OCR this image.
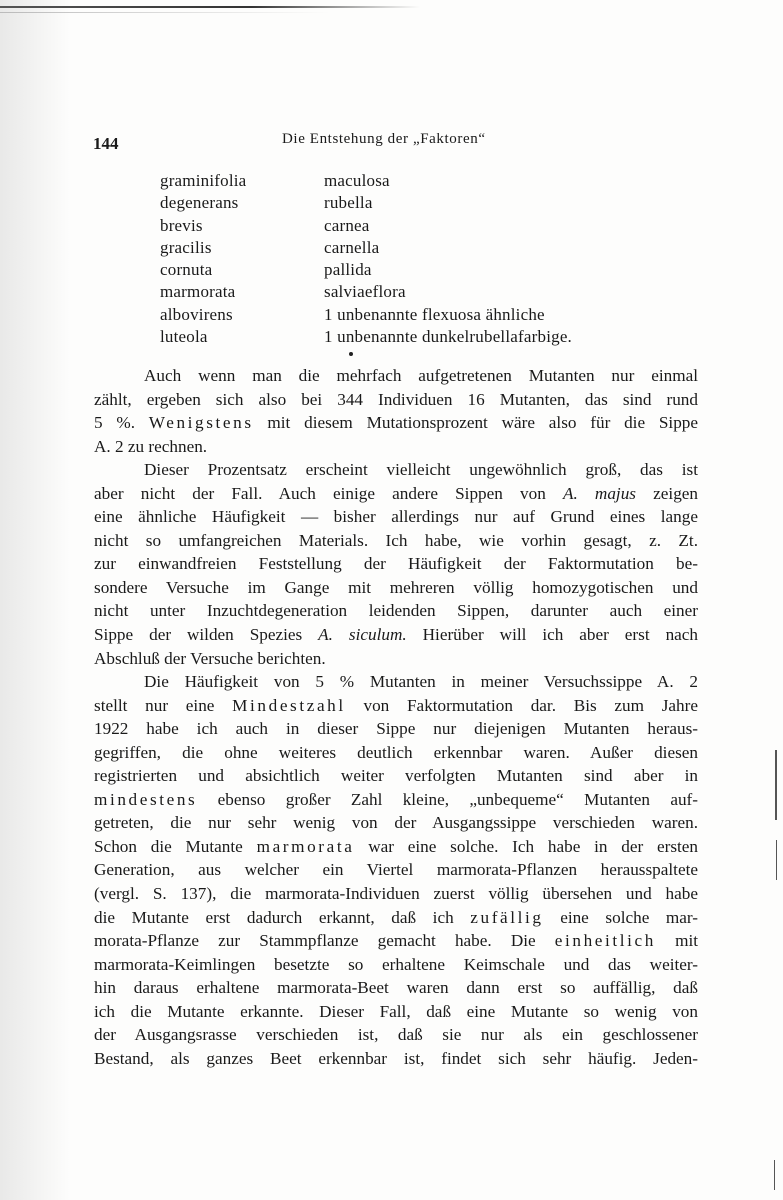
144	Die Entstehung der „Faktoren“
graminifolia	maculosa
degenerans	rubella
brevis	carnea
gracilis	carnella
cornuta	pallida
marmorata	salviaeflora
albovirens	1 unbenannte flexuosa ähnliche
luteola	1 unbenannte dunkelrubellafarbige.
Auch wenn man die mehrfach aufgetretenen Mutanten nur einmal
zählt, ergeben sich also bei 344 Individuen 16 Mutanten, das sind rund
5 %. Wenigstens mit diesem Mutationsprozent wäre also für die Sippe
A. 2 zu rechnen.
Dieser Prozentsatz erscheint vielleicht ungewöhnlich groß, das ist
aber nicht der Fall. Auch einige andere Sippen von A. majus zeigen
eine ähnliche Häufigkeit — bisher allerdings nur auf Grund eines lange
nicht so umfangreichen Materials. Ich habe, wie vorhin gesagt, z. Zt.
zur einwandfreien Feststellung der Häufigkeit der Faktormutation be-
sondere Versuche im Gange mit mehreren völlig homozygotischen und
nicht unter Inzuchtdegeneration leidenden Sippen, darunter auch einer
Sippe der wilden Spezies A. siculum. Hierüber will ich aber erst nach
Abschluß der Versuche berichten.
Die Häufigkeit von 5 % Mutanten in meiner Versuchssippe A. 2
stellt nur eine Mindestzahl von Faktormutation dar. Bis zum Jahre
1922 habe ich auch in dieser Sippe nur diejenigen Mutanten heraus-
gegriffen, die ohne weiteres deutlich erkennbar waren. Außer diesen
registrierten und absichtlich weiter verfolgten Mutanten sind aber in
mindestens ebenso großer Zahl kleine, „unbequeme“ Mutanten auf-
getreten, die nur sehr wenig von der Ausgangssippe verschieden waren.
Schon die Mutante marmorata war eine solche. Ich habe in der ersten
Generation, aus welcher ein Viertel marmorata-Pflanzen herausspaltete
(vergl. S. 137), die marmorata-Individuen zuerst völlig übersehen und habe
die Mutante erst dadurch erkannt, daß ich zufällig eine solche mar-
morata-Pflanze zur Stammpflanze gemacht habe. Die einheitlich mit
marmorata-Keimlingen besetzte so erhaltene Keimschale und das weiter-
hin daraus erhaltene marmorata-Beet waren dann erst so auffällig, daß
ich die Mutante erkannte. Dieser Fall, daß eine Mutante so wenig von
der Ausgangsrasse verschieden ist, daß sie nur als ein geschlossener
Bestand, als ganzes Beet erkennbar ist, findet sich sehr häufig. Jeden-
